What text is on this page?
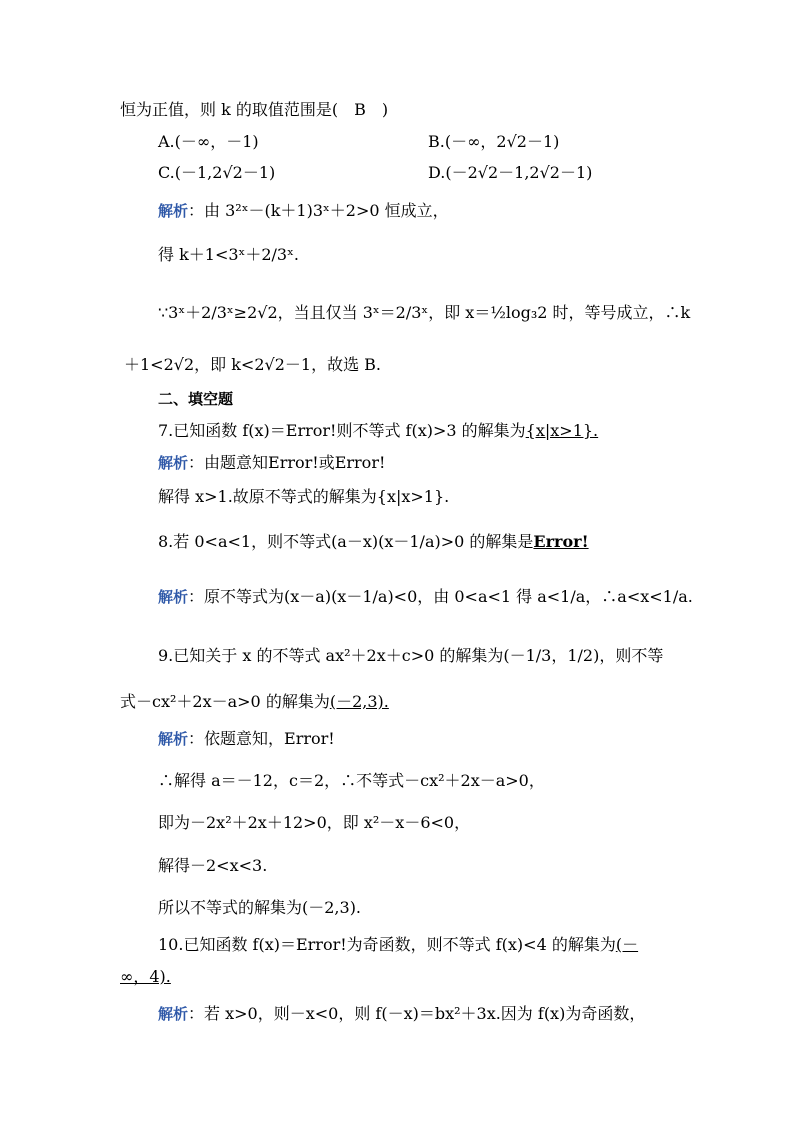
恒为正值，则 k 的取值范围是(　B　)
A.(－∞，－1)	B.(－∞，2√2－1)
C.(－1,2√2－1)	D.(－2√2－1,2√2－1)
解析：由 3²ˣ－(k＋1)3ˣ＋2>0 恒成立，
得 k＋1<3ˣ＋2/3ˣ.
∵3ˣ＋2/3ˣ≥2√2，当且仅当 3ˣ＝2/3ˣ，即 x＝½log₃2 时，等号成立，∴k
＋1<2√2，即 k<2√2－1，故选 B.
二、填空题
7.已知函数 f(x)＝Error!则不等式 f(x)>3 的解集为{x|x>1}.
解析：由题意知Error!或Error!
解得 x>1.故原不等式的解集为{x|x>1}.
8.若 0<a<1，则不等式(a－x)(x－1/a)>0 的解集是Error!
解析：原不等式为(x－a)(x－1/a)<0，由 0<a<1 得 a<1/a，∴a<x<1/a.
9.已知关于 x 的不等式 ax²＋2x＋c>0 的解集为(－1/3，1/2)，则不等
式－cx²＋2x－a>0 的解集为(－2,3).
解析：依题意知，Error!
∴解得 a＝－12，c＝2，∴不等式－cx²＋2x－a>0，
即为－2x²＋2x＋12>0，即 x²－x－6<0，
解得－2<x<3.
所以不等式的解集为(－2,3).
10.已知函数 f(x)＝Error!为奇函数，则不等式 f(x)<4 的解集为(－
∞，4).
解析：若 x>0，则－x<0，则 f(－x)＝bx²＋3x.因为 f(x)为奇函数，
